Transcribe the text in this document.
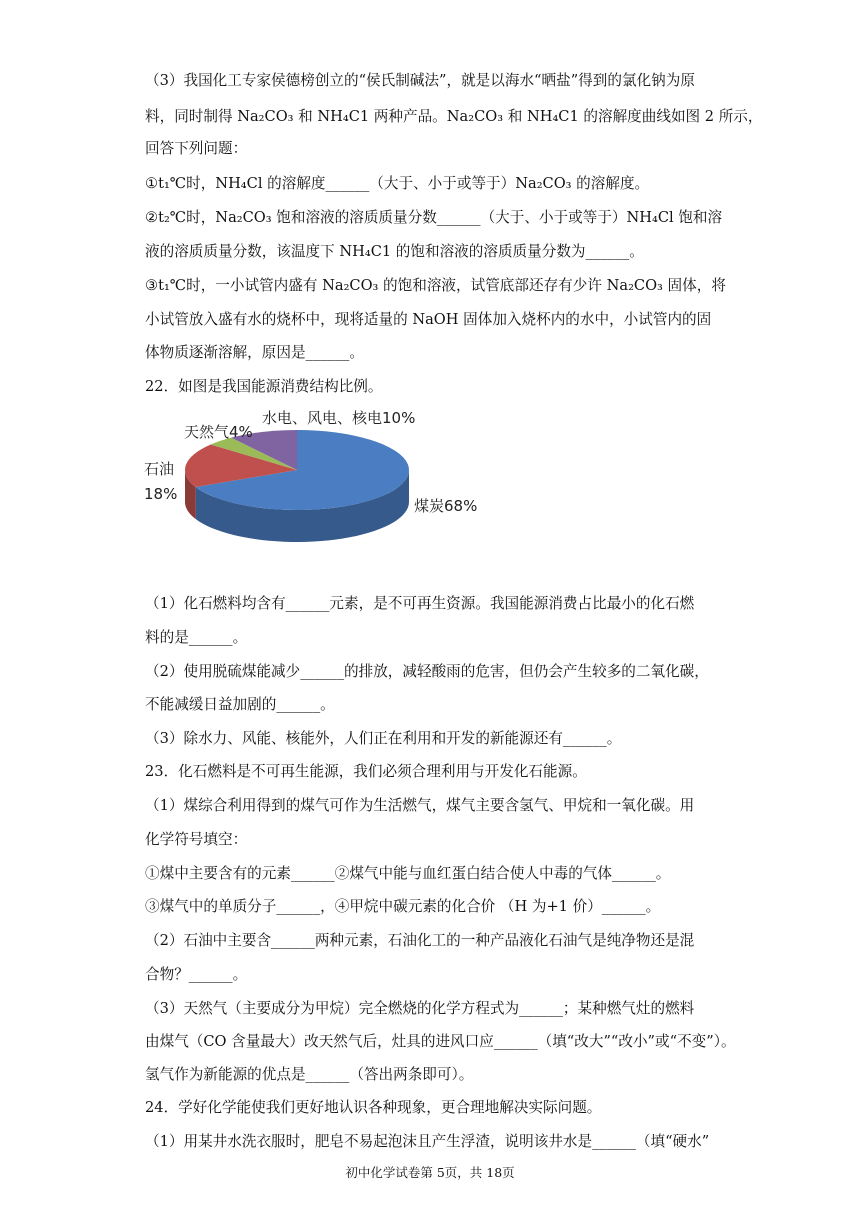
（3）我国化工专家侯德榜创立的“侯氏制碱法”，就是以海水“晒盐”得到的氯化钠为原
料，同时制得 Na₂CO₃ 和 NH₄C1 两种产品。Na₂CO₃ 和 NH₄C1 的溶解度曲线如图 2 所示，
回答下列问题：
①t₁℃时，NH₄Cl 的溶解度______（大于、小于或等于）Na₂CO₃ 的溶解度。
②t₂℃时，Na₂CO₃ 饱和溶液的溶质质量分数______（大于、小于或等于）NH₄Cl 饱和溶
液的溶质质量分数，该温度下 NH₄C1 的饱和溶液的溶质质量分数为______。
③t₁℃时，一小试管内盛有 Na₂CO₃ 的饱和溶液，试管底部还存有少许 Na₂CO₃ 固体，将
小试管放入盛有水的烧杯中，现将适量的 NaOH 固体加入烧杯内的水中，小试管内的固
体物质逐渐溶解，原因是______。
22．如图是我国能源消费结构比例。
煤炭68%
石油
18%
天然气4%
水电、风电、核电10%
（1）化石燃料均含有______元素，是不可再生资源。我国能源消费占比最小的化石燃
料的是______。
（2）使用脱硫煤能减少______的排放，减轻酸雨的危害，但仍会产生较多的二氧化碳，
不能减缓日益加剧的______。
（3）除水力、风能、核能外，人们正在利用和开发的新能源还有______。
23．化石燃料是不可再生能源，我们必须合理利用与开发化石能源。
（1）煤综合利用得到的煤气可作为生活燃气，煤气主要含氢气、甲烷和一氧化碳。用
化学符号填空：
①煤中主要含有的元素______②煤气中能与血红蛋白结合使人中毒的气体______。
③煤气中的单质分子______，④甲烷中碳元素的化合价 （H 为+1 价）______。
（2）石油中主要含______两种元素，石油化工的一种产品液化石油气是纯净物还是混
合物？______。
（3）天然气（主要成分为甲烷）完全燃烧的化学方程式为______；某种燃气灶的燃料
由煤气（CO 含量最大）改天然气后，灶具的进风口应______（填“改大”“改小”或“不变”）。
氢气作为新能源的优点是______（答出两条即可）。
24．学好化学能使我们更好地认识各种现象，更合理地解决实际问题。
（1）用某井水洗衣服时，肥皂不易起泡沫且产生浮渣，说明该井水是______（填“硬水”
初中化学试卷第 5页，共 18页
